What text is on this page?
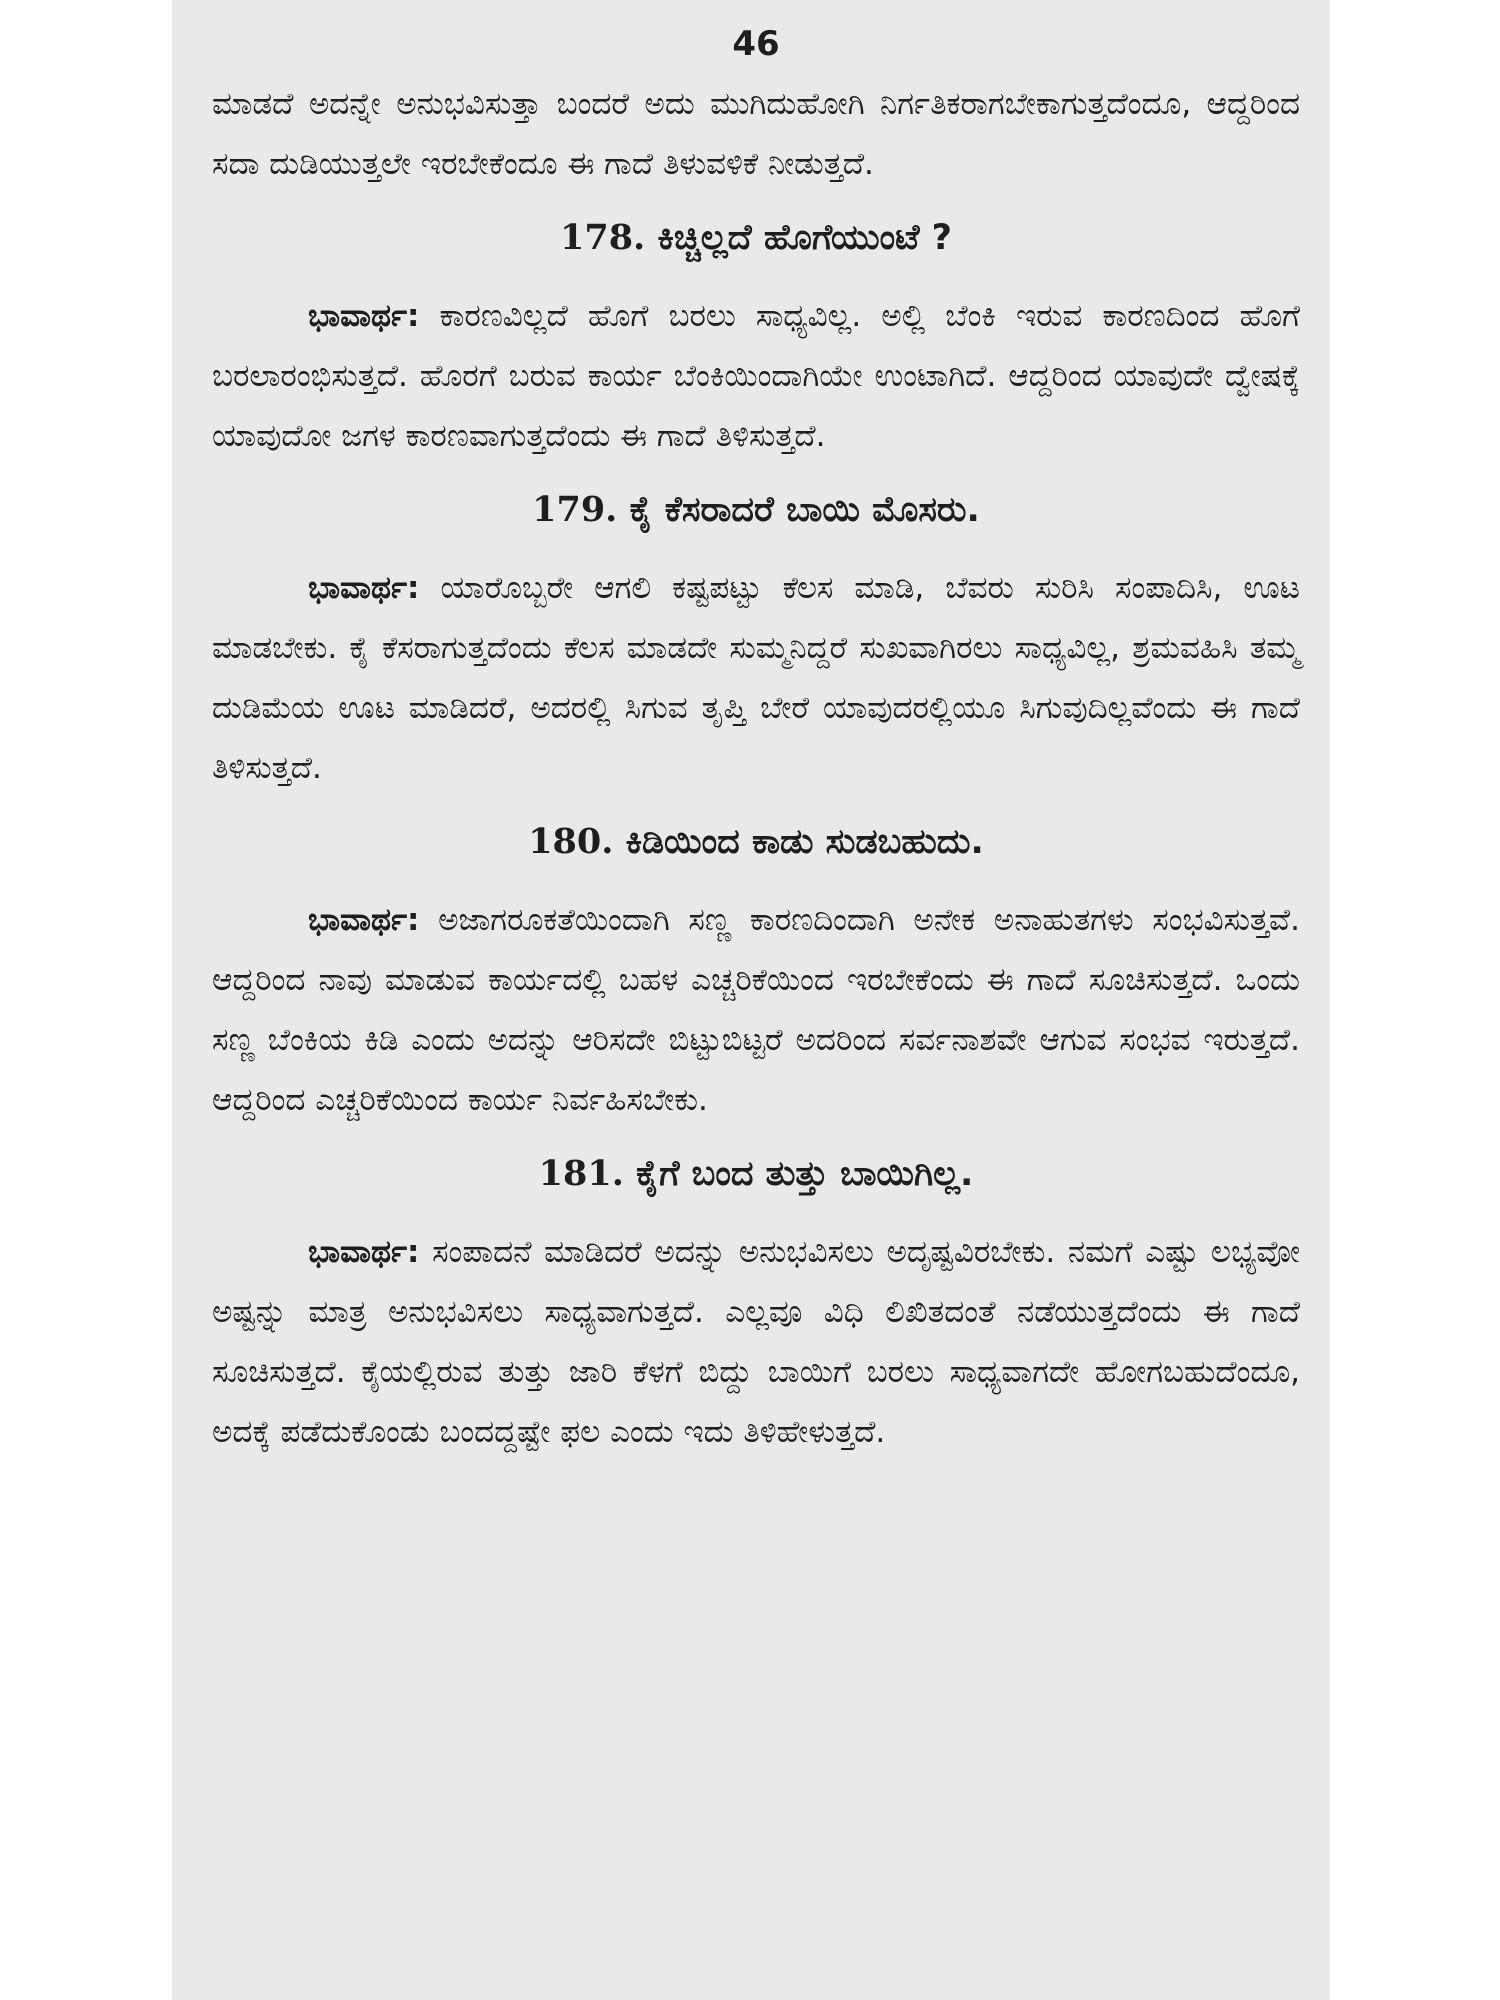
46

ಮಾಡದೆ ಅದನ್ನೇ ಅನುಭವಿಸುತ್ತಾ ಬಂದರೆ ಅದು ಮುಗಿದುಹೋಗಿ ನಿರ್ಗತಿಕರಾಗಬೇಕಾಗುತ್ತದೆಂದೂ, ಆದ್ದರಿಂದ ಸದಾ ದುಡಿಯುತ್ತಲೇ ಇರಬೇಕೆಂದೂ ಈ ಗಾದೆ ತಿಳುವಳಿಕೆ ನೀಡುತ್ತದೆ.

178. ಕಿಚ್ಚಿಲ್ಲದೆ ಹೊಗೆಯುಂಟೆ ?

ಭಾವಾರ್ಥ: ಕಾರಣವಿಲ್ಲದೆ ಹೊಗೆ ಬರಲು ಸಾಧ್ಯವಿಲ್ಲ. ಅಲ್ಲಿ ಬೆಂಕಿ ಇರುವ ಕಾರಣದಿಂದ ಹೊಗೆ ಬರಲಾರಂಭಿಸುತ್ತದೆ. ಹೊರಗೆ ಬರುವ ಕಾರ್ಯ ಬೆಂಕಿಯಿಂದಾಗಿಯೇ ಉಂಟಾಗಿದೆ. ಆದ್ದರಿಂದ ಯಾವುದೇ ದ್ವೇಷಕ್ಕೆ ಯಾವುದೋ ಜಗಳ ಕಾರಣವಾಗುತ್ತದೆಂದು ಈ ಗಾದೆ ತಿಳಿಸುತ್ತದೆ.

179. ಕೈ ಕೆಸರಾದರೆ ಬಾಯಿ ಮೊಸರು.

ಭಾವಾರ್ಥ: ಯಾರೊಬ್ಬರೇ ಆಗಲಿ ಕಷ್ಟಪಟ್ಟು ಕೆಲಸ ಮಾಡಿ, ಬೆವರು ಸುರಿಸಿ ಸಂಪಾದಿಸಿ, ಊಟ ಮಾಡಬೇಕು. ಕೈ ಕೆಸರಾಗುತ್ತದೆಂದು ಕೆಲಸ ಮಾಡದೇ ಸುಮ್ಮನಿದ್ದರೆ ಸುಖವಾಗಿರಲು ಸಾಧ್ಯವಿಲ್ಲ, ಶ್ರಮವಹಿಸಿ ತಮ್ಮ ದುಡಿಮೆಯ ಊಟ ಮಾಡಿದರೆ, ಅದರಲ್ಲಿ ಸಿಗುವ ತೃಪ್ತಿ ಬೇರೆ ಯಾವುದರಲ್ಲಿಯೂ ಸಿಗುವುದಿಲ್ಲವೆಂದು ಈ ಗಾದೆ ತಿಳಿಸುತ್ತದೆ.

180. ಕಿಡಿಯಿಂದ ಕಾಡು ಸುಡಬಹುದು.

ಭಾವಾರ್ಥ: ಅಜಾಗರೂಕತೆಯಿಂದಾಗಿ ಸಣ್ಣ ಕಾರಣದಿಂದಾಗಿ ಅನೇಕ ಅನಾಹುತಗಳು ಸಂಭವಿಸುತ್ತವೆ. ಆದ್ದರಿಂದ ನಾವು ಮಾಡುವ ಕಾರ್ಯದಲ್ಲಿ ಬಹಳ ಎಚ್ಚರಿಕೆಯಿಂದ ಇರಬೇಕೆಂದು ಈ ಗಾದೆ ಸೂಚಿಸುತ್ತದೆ. ಒಂದು ಸಣ್ಣ ಬೆಂಕಿಯ ಕಿಡಿ ಎಂದು ಅದನ್ನು ಆರಿಸದೇ ಬಿಟ್ಟುಬಿಟ್ಟರೆ ಅದರಿಂದ ಸರ್ವನಾಶವೇ ಆಗುವ ಸಂಭವ ಇರುತ್ತದೆ. ಆದ್ದರಿಂದ ಎಚ್ಚರಿಕೆಯಿಂದ ಕಾರ್ಯ ನಿರ್ವಹಿಸಬೇಕು.

181. ಕೈಗೆ ಬಂದ ತುತ್ತು ಬಾಯಿಗಿಲ್ಲ.

ಭಾವಾರ್ಥ: ಸಂಪಾದನೆ ಮಾಡಿದರೆ ಅದನ್ನು ಅನುಭವಿಸಲು ಅದೃಷ್ಟವಿರಬೇಕು. ನಮಗೆ ಎಷ್ಟು ಲಭ್ಯವೋ ಅಷ್ಟನ್ನು ಮಾತ್ರ ಅನುಭವಿಸಲು ಸಾಧ್ಯವಾಗುತ್ತದೆ. ಎಲ್ಲವೂ ವಿಧಿ ಲಿಖಿತದಂತೆ ನಡೆಯುತ್ತದೆಂದು ಈ ಗಾದೆ ಸೂಚಿಸುತ್ತದೆ. ಕೈಯಲ್ಲಿರುವ ತುತ್ತು ಜಾರಿ ಕೆಳಗೆ ಬಿದ್ದು ಬಾಯಿಗೆ ಬರಲು ಸಾಧ್ಯವಾಗದೇ ಹೋಗಬಹುದೆಂದೂ, ಅದಕ್ಕೆ ಪಡೆದುಕೊಂಡು ಬಂದದ್ದಷ್ಟೇ ಫಲ ಎಂದು ಇದು ತಿಳಿಹೇಳುತ್ತದೆ.
